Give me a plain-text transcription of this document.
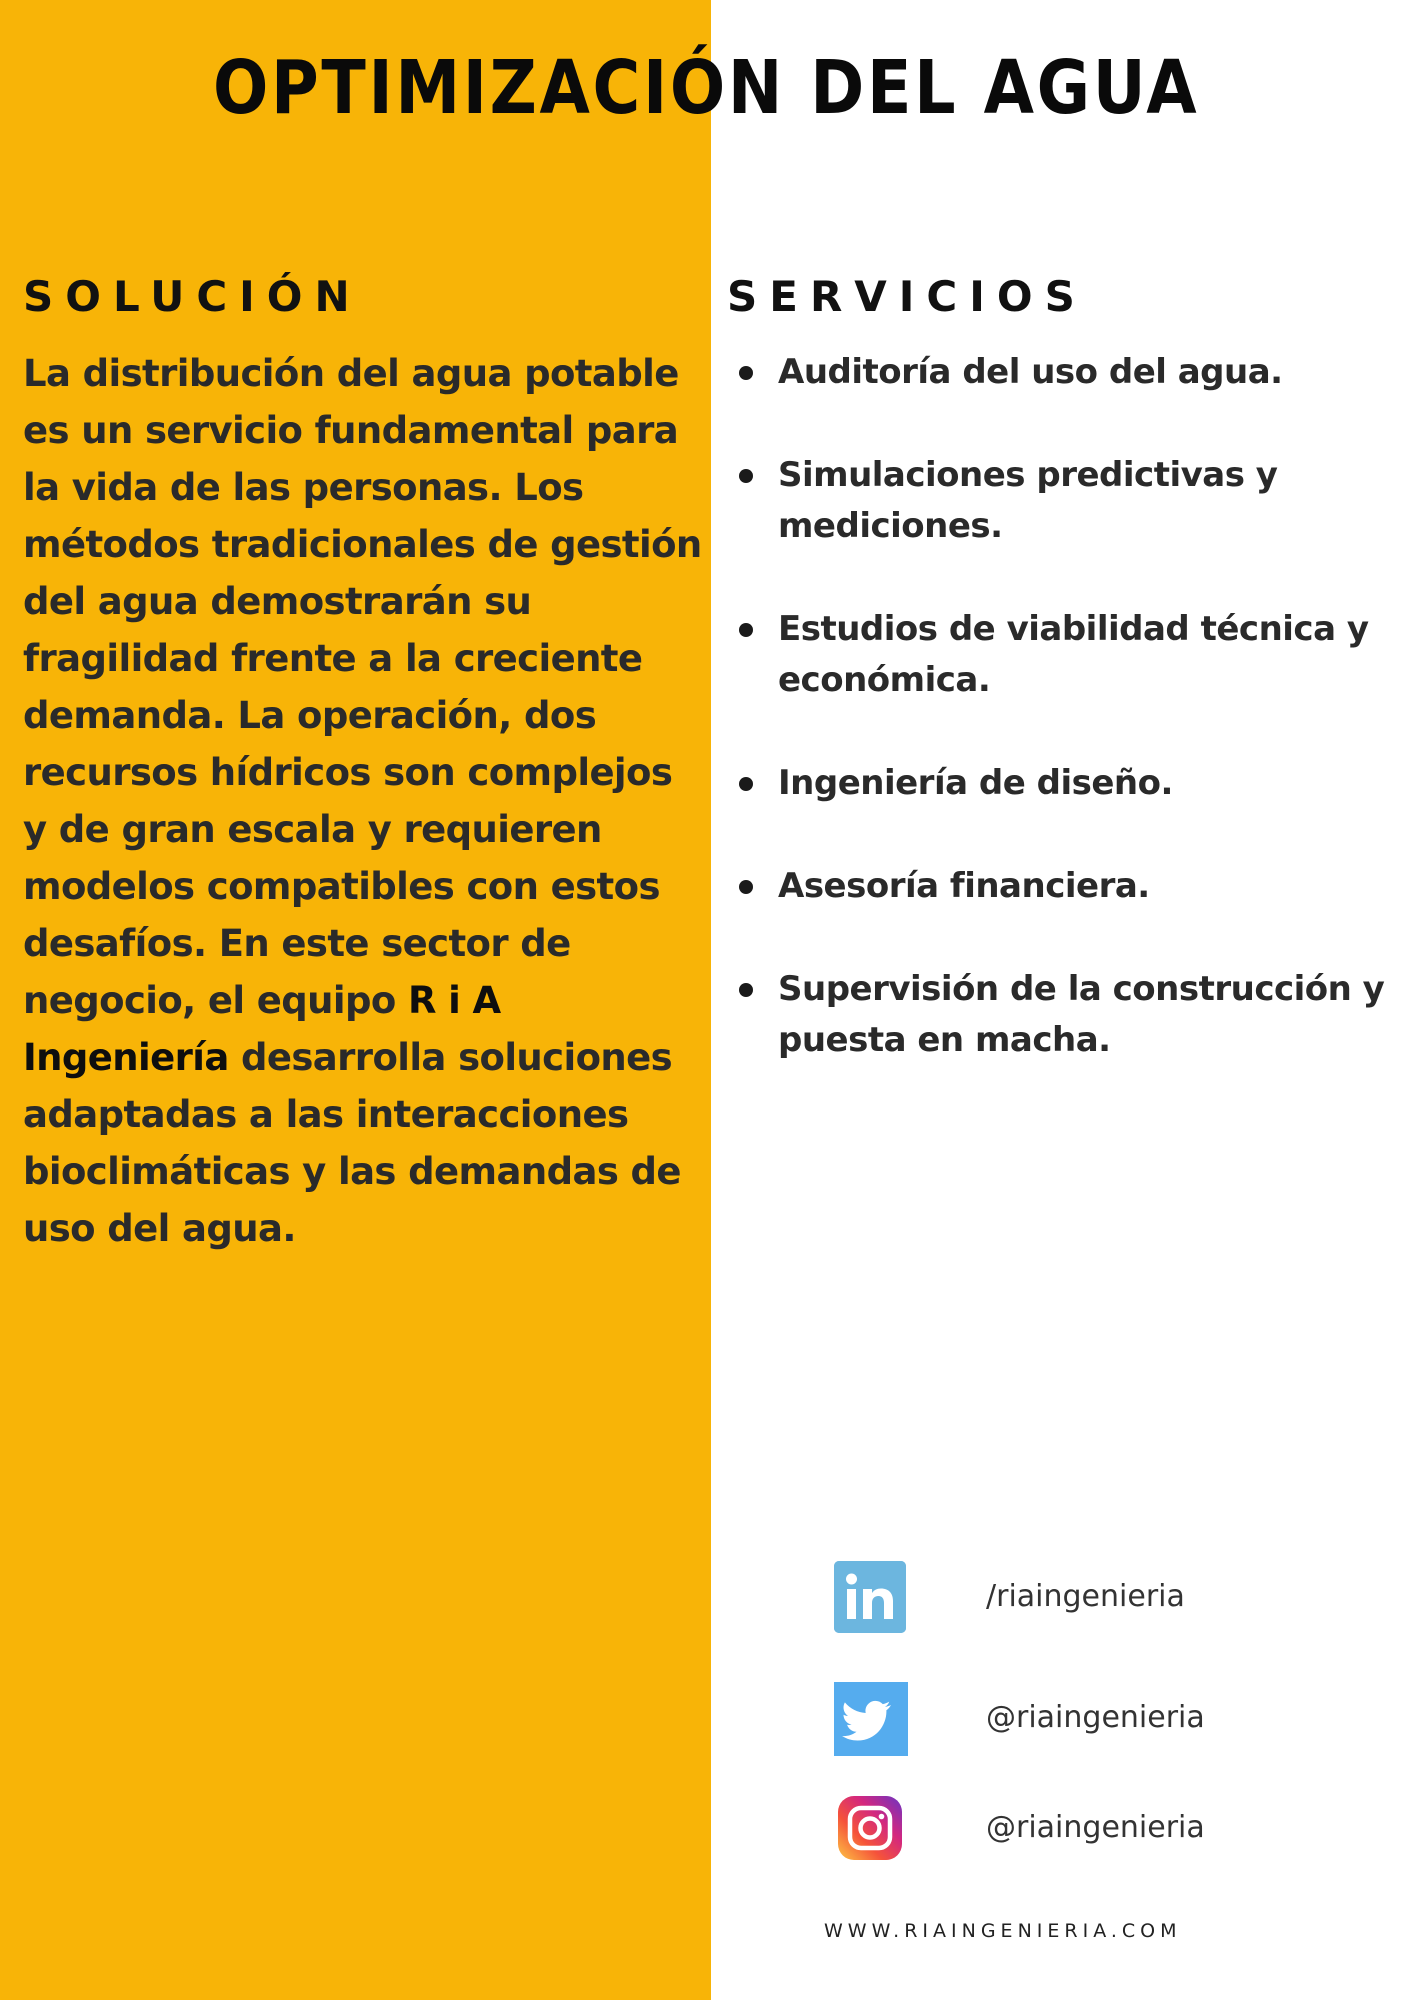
OPTIMIZACIÓN DEL AGUA
SOLUCIÓN

La distribución del agua potable es un servicio fundamental para la vida de las personas. Los métodos tradicionales de gestión del agua demostrarán su fragilidad frente a la creciente demanda. La operación, dos recursos hídricos son complejos y de gran escala y requieren modelos compatibles con estos desafíos. En este sector de negocio, el equipo R i A Ingeniería desarrolla soluciones adaptadas a las interacciones bioclimáticas y las demandas de uso del agua.

SERVICIOS
Auditoría del uso del agua.
Simulaciones predictivas y mediciones.
Estudios de viabilidad técnica y económica.
Ingeniería de diseño.
Asesoría financiera.
Supervisión de la construcción y puesta en macha.
/riaingenieria
@riaingenieria
@riaingenieria
WWW.RIAINGENIERIA.COM
